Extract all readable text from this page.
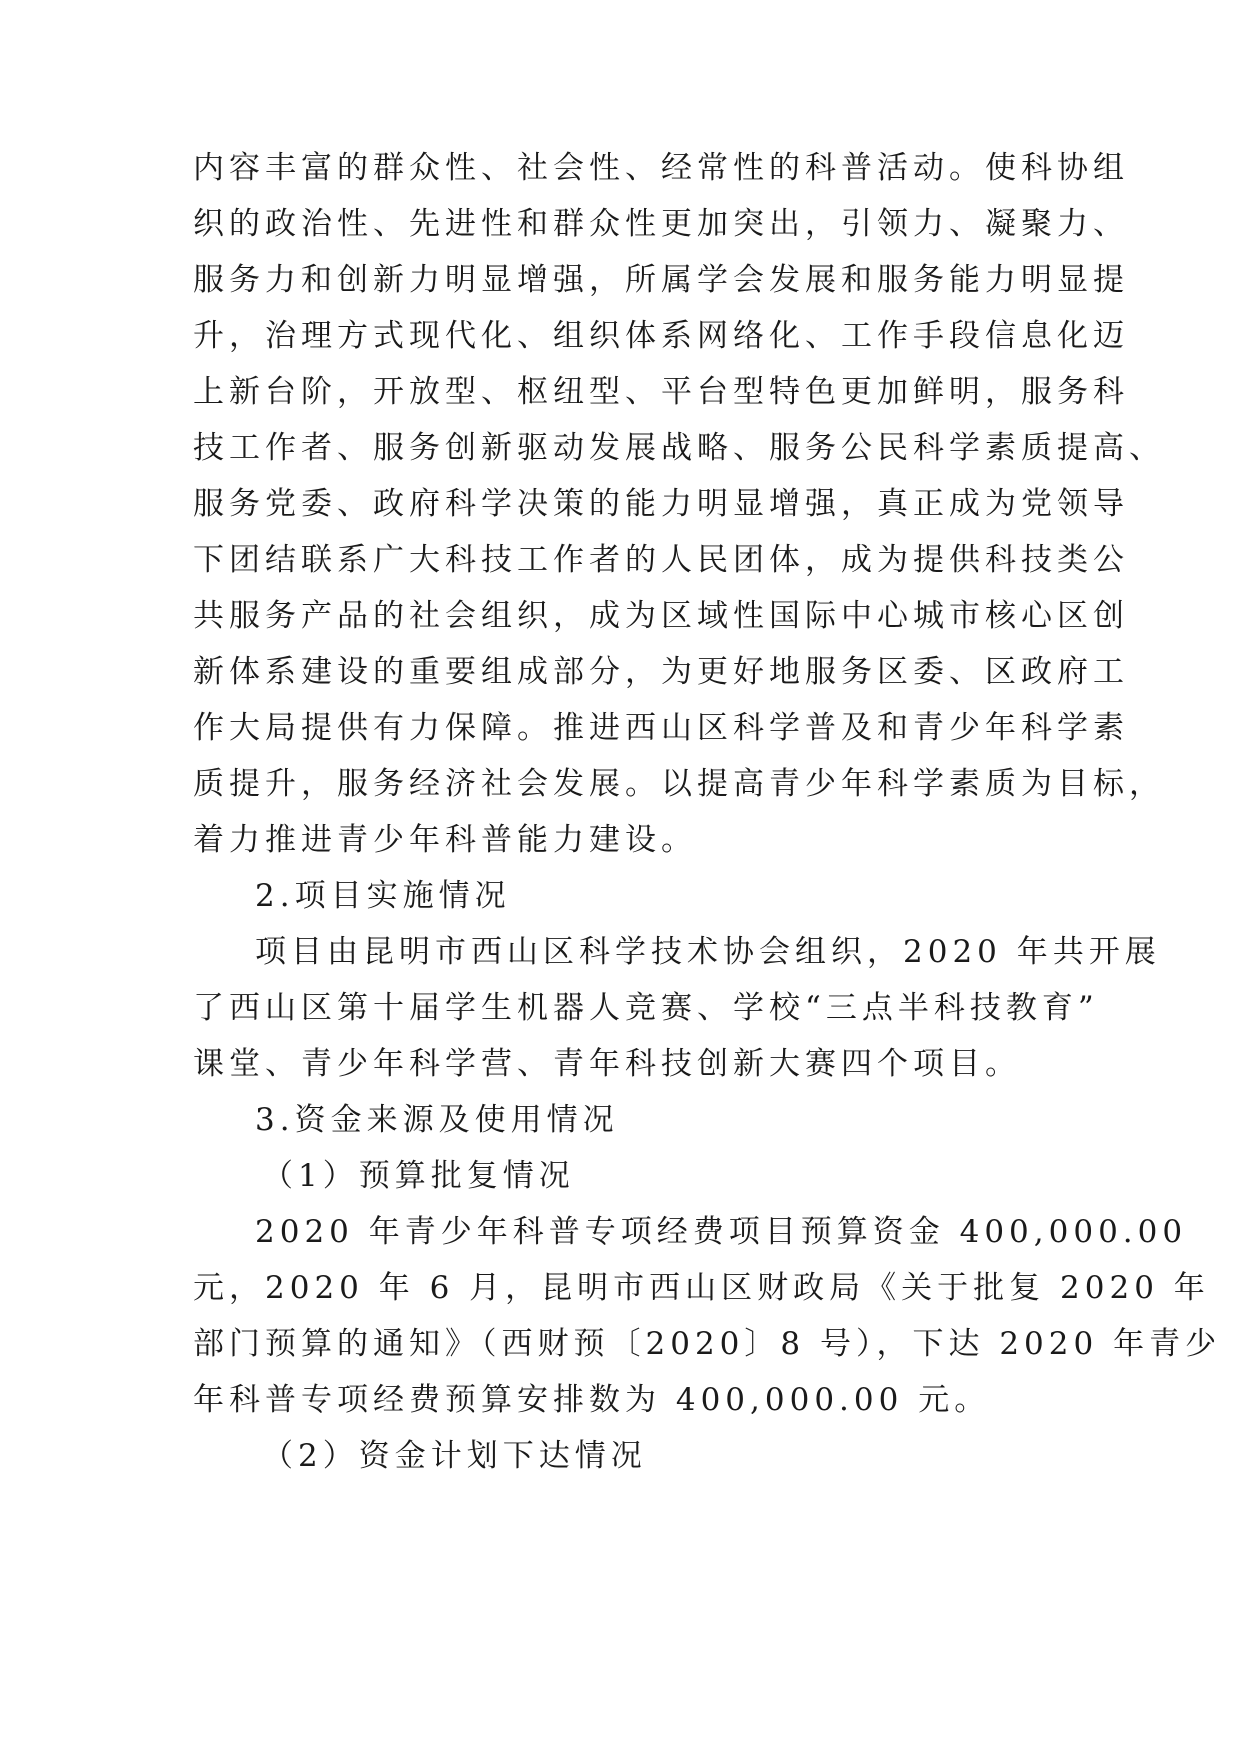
内容丰富的群众性、社会性、经常性的科普活动。使科协组

织的政治性、先进性和群众性更加突出，引领力、凝聚力、

服务力和创新力明显增强，所属学会发展和服务能力明显提

升，治理方式现代化、组织体系网络化、工作手段信息化迈

上新台阶，开放型、枢纽型、平台型特色更加鲜明，服务科

技工作者、服务创新驱动发展战略、服务公民科学素质提高、

服务党委、政府科学决策的能力明显增强，真正成为党领导

下团结联系广大科技工作者的人民团体，成为提供科技类公

共服务产品的社会组织，成为区域性国际中心城市核心区创

新体系建设的重要组成部分，为更好地服务区委、区政府工

作大局提供有力保障。推进西山区科学普及和青少年科学素

质提升，服务经济社会发展。以提高青少年科学素质为目标，

着力推进青少年科普能力建设。

2.项目实施情况

项目由昆明市西山区科学技术协会组织，2020 年共开展

了西山区第十届学生机器人竞赛、学校“三点半科技教育”

课堂、青少年科学营、青年科技创新大赛四个项目。

3.资金来源及使用情况

（1）预算批复情况

2020 年青少年科普专项经费项目预算资金 400,000.00

元，2020 年 6 月，昆明市西山区财政局《关于批复 2020 年

部门预算的通知》（西财预〔2020〕8 号），下达 2020 年青少

年科普专项经费预算安排数为 400,000.00 元。

（2）资金计划下达情况
